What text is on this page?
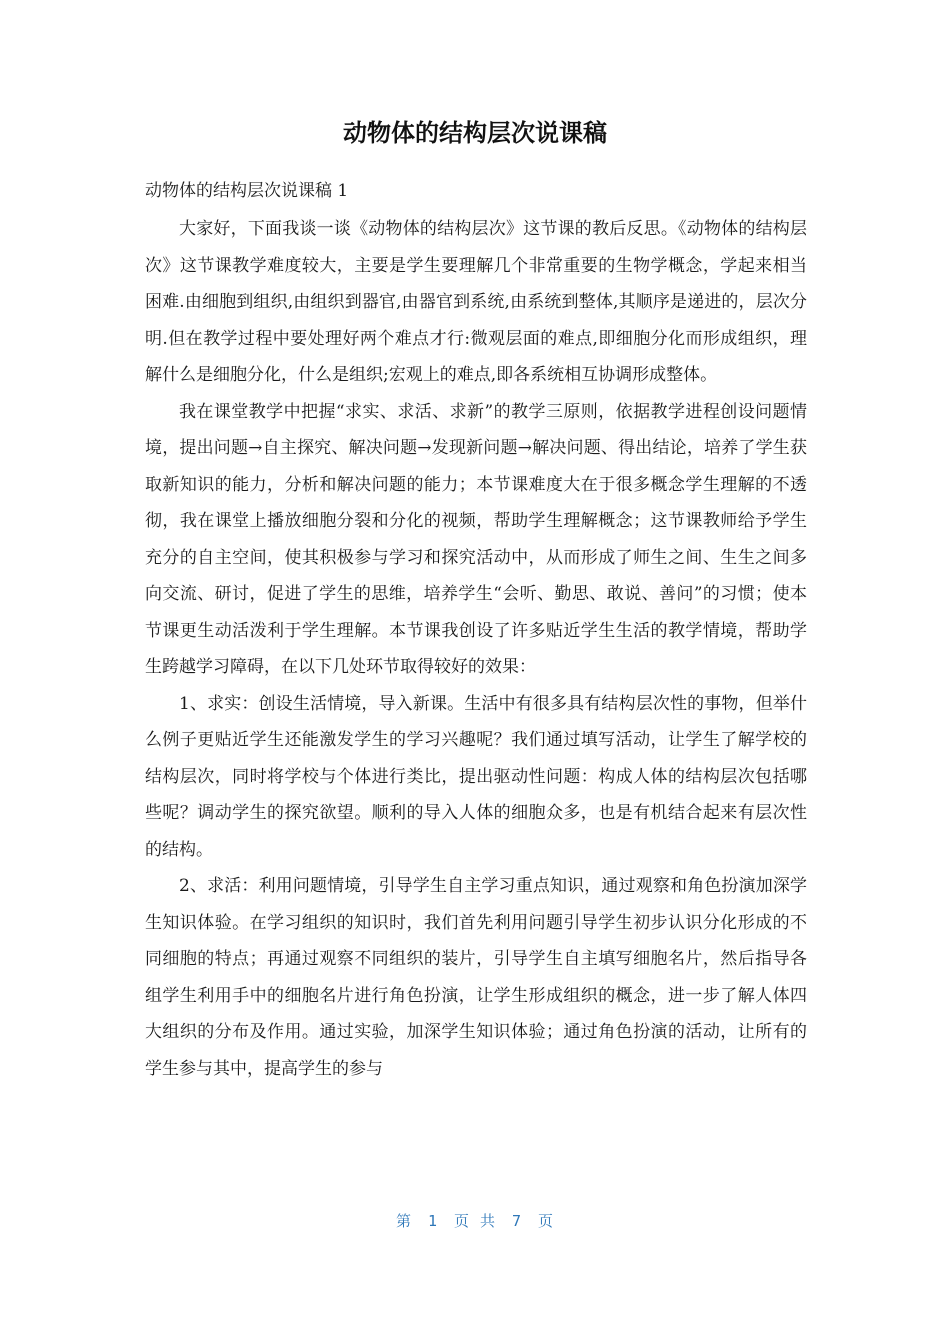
动物体的结构层次说课稿
动物体的结构层次说课稿 1

大家好，下面我谈一谈《动物体的结构层次》这节课的教后反思。《动物体的结构层次》这节课教学难度较大，主要是学生要理解几个非常重要的生物学概念，学起来相当困难.由细胞到组织,由组织到器官,由器官到系统,由系统到整体,其顺序是递进的，层次分明.但在教学过程中要处理好两个难点才行:微观层面的难点,即细胞分化而形成组织，理解什么是细胞分化，什么是组织;宏观上的难点,即各系统相互协调形成整体。

我在课堂教学中把握“求实、求活、求新”的教学三原则，依据教学进程创设问题情境，提出问题→自主探究、解决问题→发现新问题→解决问题、得出结论，培养了学生获取新知识的能力，分析和解决问题的能力；本节课难度大在于很多概念学生理解的不透彻，我在课堂上播放细胞分裂和分化的视频，帮助学生理解概念；这节课教师给予学生充分的自主空间，使其积极参与学习和探究活动中，从而形成了师生之间、生生之间多向交流、研讨，促进了学生的思维，培养学生“会听、勤思、敢说、善问”的习惯；使本节课更生动活泼利于学生理解。本节课我创设了许多贴近学生生活的教学情境，帮助学生跨越学习障碍，在以下几处环节取得较好的效果：

1、求实：创设生活情境，导入新课。生活中有很多具有结构层次性的事物，但举什么例子更贴近学生还能激发学生的学习兴趣呢？我们通过填写活动，让学生了解学校的结构层次，同时将学校与个体进行类比，提出驱动性问题：构成人体的结构层次包括哪些呢？调动学生的探究欲望。顺利的导入人体的细胞众多，也是有机结合起来有层次性的结构。

2、求活：利用问题情境，引导学生自主学习重点知识，通过观察和角色扮演加深学生知识体验。在学习组织的知识时，我们首先利用问题引导学生初步认识分化形成的不同细胞的特点；再通过观察不同组织的装片，引导学生自主填写细胞名片，然后指导各组学生利用手中的细胞名片进行角色扮演，让学生形成组织的概念，进一步了解人体四大组织的分布及作用。通过实验，加深学生知识体验；通过角色扮演的活动，让所有的学生参与其中，提高学生的参与

第 1 页 共 7 页
